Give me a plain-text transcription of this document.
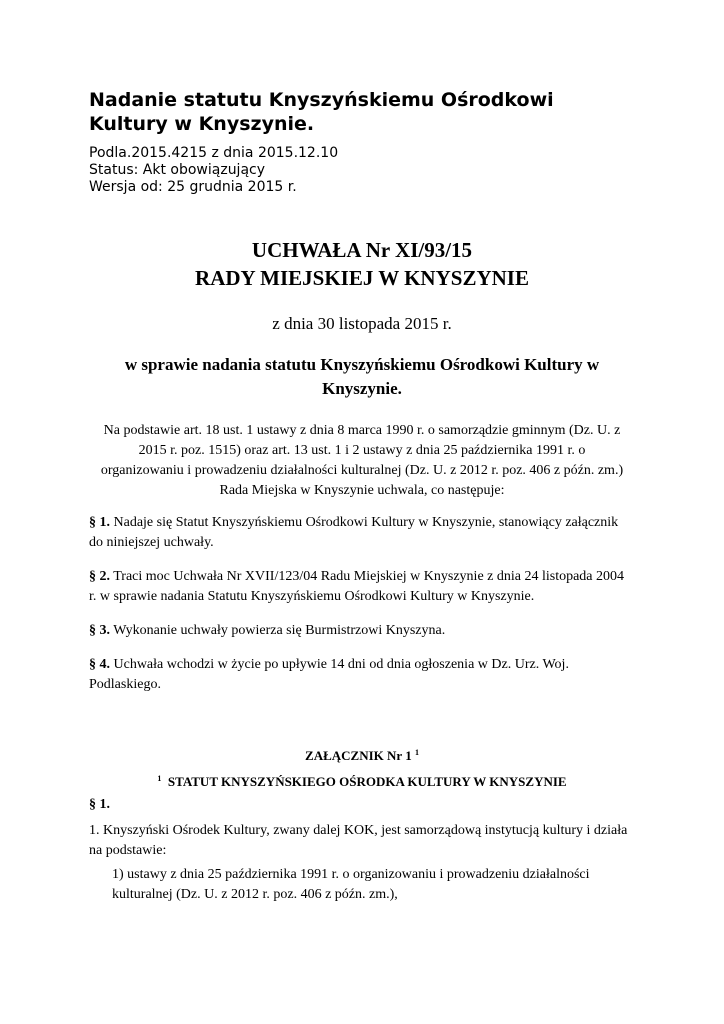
Nadanie statutu Knyszyńskiemu Ośrodkowi
Kultury w Knyszynie.

Podla.2015.4215 z dnia 2015.12.10

Status: Akt obowiązujący

Wersja od: 25 grudnia 2015 r.

UCHWAŁA Nr XI/93/15
RADY MIEJSKIEJ W KNYSZYNIE

z dnia 30 listopada 2015 r.

w sprawie nadania statutu Knyszyńskiemu Ośrodkowi Kultury w
Knyszynie.

Na podstawie art. 18 ust. 1 ustawy z dnia 8 marca 1990 r. o samorządzie gminnym (Dz. U. z
2015 r. poz. 1515) oraz art. 13 ust. 1 i 2 ustawy z dnia 25 października 1991 r. o
organizowaniu i prowadzeniu działalności kulturalnej (Dz. U. z 2012 r. poz. 406 z późn. zm.)
Rada Miejska w Knyszynie uchwala, co następuje:

§ 1. Nadaje się Statut Knyszyńskiemu Ośrodkowi Kultury w Knyszynie, stanowiący załącznik do niniejszej uchwały.

§ 2. Traci moc Uchwała Nr XVII/123/04 Radu Miejskiej w Knyszynie z dnia 24 listopada 2004 r. w sprawie nadania Statutu Knyszyńskiemu Ośrodkowi Kultury w Knyszynie.

§ 3. Wykonanie uchwały powierza się Burmistrzowi Knyszyna.

§ 4. Uchwała wchodzi w życie po upływie 14 dni od dnia ogłoszenia w Dz. Urz. Woj. Podlaskiego.

ZAŁĄCZNIK Nr 1 $^1$

$^1$ STATUT KNYSZYŃSKIEGO OŚRODKA KULTURY W KNYSZYNIE

§ 1.

1. Knyszyński Ośrodek Kultury, zwany dalej KOK, jest samorządową instytucją kultury i działa na podstawie:

1) ustawy z dnia 25 października 1991 r. o organizowaniu i prowadzeniu działalności kulturalnej (Dz. U. z 2012 r. poz. 406 z późn. zm.),
